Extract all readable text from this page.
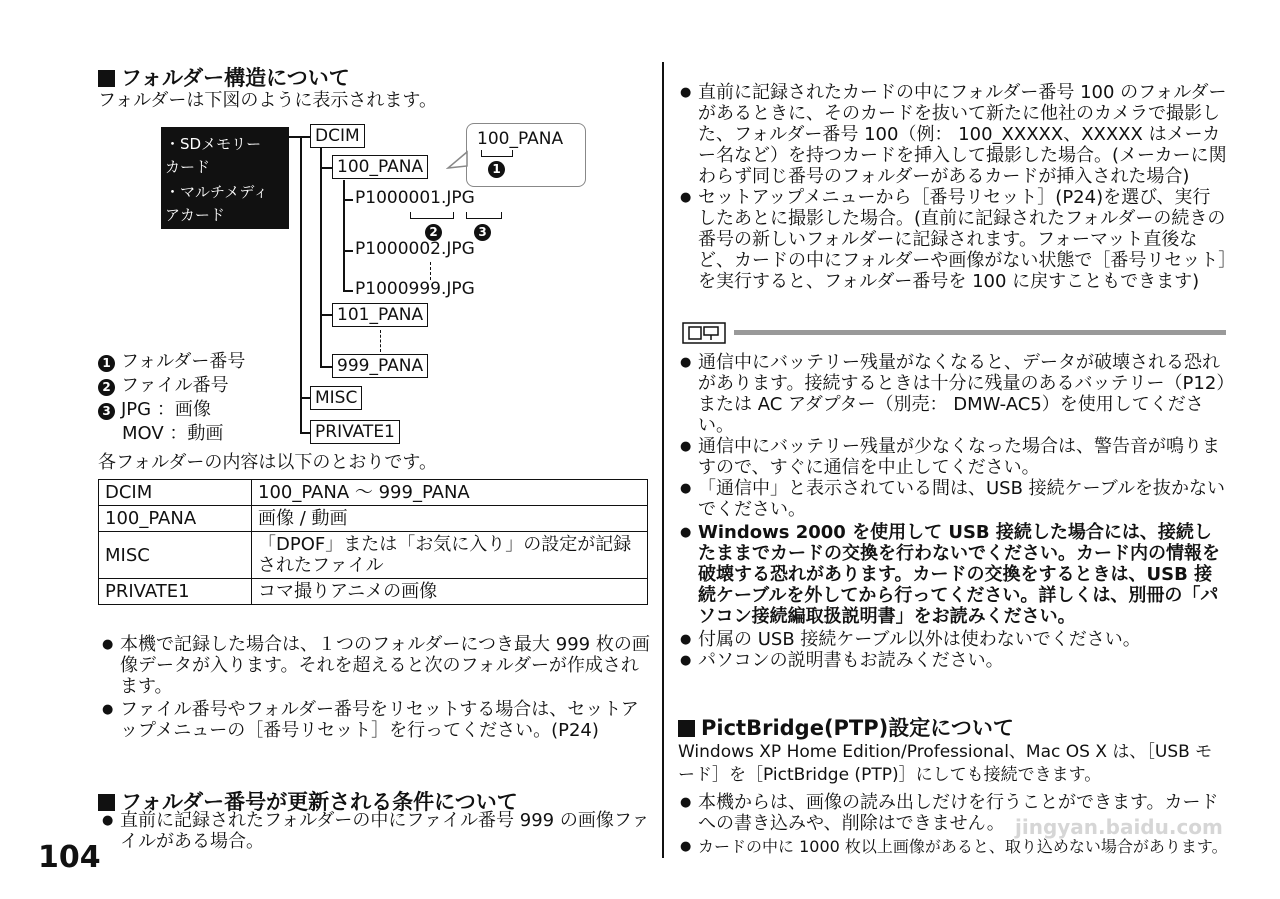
フォルダー構造について
フォルダーは下図のように表示されます。
・SDメモリーカード
・マルチメディアカード
DCIM
MISC
PRIVATE1
100_PANA
101_PANA
999_PANA
P1000001.JPG
2	3
P1000002.JPG
P1000999.JPG
100_PANA
1
1 フォルダー番号
2 ファイル番号
3 JPG ：画像
MOV ：動画
各フォルダーの内容は以下のとおりです。
DCIM	100_PANA ～ 999_PANA
100_PANA	画像 / 動画
MISC	「DPOF」または「お気に入り」の設定が記録されたファイル
PRIVATE1	コマ撮りアニメの画像
● 本機で記録した場合は、１つのフォルダーにつき最大 999 枚の画像データが入ります。それを超えると次のフォルダーが作成されます。
● ファイル番号やフォルダー番号をリセットする場合は、セットアップメニューの［番号リセット］を行ってください。(P24)
フォルダー番号が更新される条件について
● 直前に記録されたフォルダーの中にファイル番号 999 の画像ファイルがある場合。
104
● 直前に記録されたカードの中にフォルダー番号 100 のフォルダーがあるときに、そのカードを抜いて新たに他社のカメラで撮影した、フォルダー番号 100（例： 100_XXXXX、XXXXX はメーカー名など）を持つカードを挿入して撮影した場合。(メーカーに関わらず同じ番号のフォルダーがあるカードが挿入された場合)
● セットアップメニューから［番号リセット］(P24)を選び、実行したあとに撮影した場合。(直前に記録されたフォルダーの続きの番号の新しいフォルダーに記録されます。フォーマット直後など、カードの中にフォルダーや画像がない状態で［番号リセット］を実行すると、フォルダー番号を 100 に戻すこともできます)
● 通信中にバッテリー残量がなくなると、データが破壊される恐れがあります。接続するときは十分に残量のあるバッテリー（P12）または AC アダプター（別売： DMW-AC5）を使用してください。
● 通信中にバッテリー残量が少なくなった場合は、警告音が鳴りますので、すぐに通信を中止してください。
● 「通信中」と表示されている間は、USB 接続ケーブルを抜かないでください。
● Windows 2000 を使用して USB 接続した場合には、接続したままでカードの交換を行わないでください。カード内の情報を破壊する恐れがあります。カードの交換をするときは、USB 接続ケーブルを外してから行ってください。詳しくは、別冊の「パソコン接続編取扱説明書」をお読みください。
● 付属の USB 接続ケーブル以外は使わないでください。
● パソコンの説明書もお読みください。
PictBridge(PTP)設定について
Windows XP Home Edition/Professional、Mac OS X は、［USB モード］を［PictBridge (PTP)］にしても接続できます。
● 本機からは、画像の読み出しだけを行うことができます。カードへの書き込みや、削除はできません。
● カードの中に 1000 枚以上画像があると、取り込めない場合があります。
jingyan.baidu.com
